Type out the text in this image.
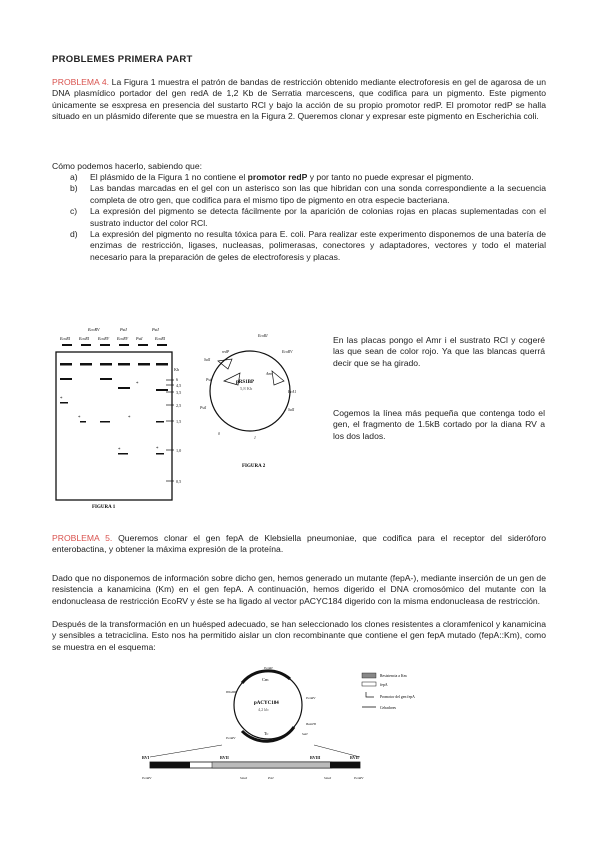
PROBLEMES PRIMERA PART

PROBLEMA 4. La Figura 1 muestra el patrón de bandas de restricción obtenido mediante electroforesis en gel de agarosa de un DNA plasmídico portador del gen redA de 1,2 Kb de Serratia marcescens, que codifica para un pigmento. Este pigmento únicamente se esxpresa en presencia del sustarto RCl y bajo la acción de su propio promotor redP. El promotor redP se halla situado en un plásmido diferente que se muestra en la Figura 2. Queremos clonar y expresar este pigmento en Escherichia coli.

Cómo podemos hacerlo, sabiendo que:

a) El plásmido de la Figura 1 no contiene el promotor redP y por tanto no puede expresar el pigmento.
b) Las bandas marcadas en el gel con un asterisco son las que hibridan con una sonda correspondiente a la secuencia completa de otro gen, que codifica para el mismo tipo de pigmento en otra especie bacteriana.
c) La expresión del pigmento se detecta fácilmente por la aparición de colonias rojas en placas suplementadas con el sustrato inductor del color RCl.
d) La expresión del pigmento no resulta tóxica para E. coli. Para realizar este experimento disponemos de una batería de enzimas de restricción, ligases, nucleasas, polimerasas, conectores y adaptadores, vectores y todo el material necesario para la preparación de geles de electroforesis y placas.
EcoRV	PstI	PstI
EcoRI EcoRI EcoRV EcoRV PstI	EcoRI
*
*	*
*	*
*
Kb
6
4,5
3,5
2,5
1,5
1,0
0,5
FIGURA 1
pRS1BP
5,8 Kb
EcoRI
EcoRV
SalI
redP
PstI
Amr
SalI
PstI
0
RcA1
1
FIGURA 2
En las placas pongo el Amr i el sustrato RCl y cogeré las que sean de color rojo. Ya que las blancas querrá decir que se ha girado.
Cogemos la línea más pequeña que contenga todo el gen, el fragmento de 1.5kB cortado por la diana RV a los dos lados.

PROBLEMA 5. Queremos clonar el gen fepA de Klebsiella pneumoniae, que codifica para el receptor del sideróforo enterobactina, y obtener la máxima expresión de la proteína.

Dado que no disponemos de información sobre dicho gen, hemos generado un mutante (fepA-), mediante inserción de un gen de resistencia a kanamicina (Km) en el gen fepA. A continuación, hemos digerido el DNA cromosómico del mutante con la endonucleasa de restricción EcoRV y éste se ha ligado al vector pACYC184 digerido con la misma endonucleasa de restricción.

Después de la transformación en un huésped adecuado, se han seleccionado los clones resistentes a cloramfenicol y kanamicina y sensibles a tetraciclina. Esto nos ha permitido aislar un clon recombinante que contiene el gen fepA mutado (fepA::Km), como se muestra en el esquema:

pACYC184
4,2 kb
Cm
Tc
EcoRI
HindIII
EcoRV
BamHI
SalI
EcoRV
Resistencia a Km
fepA
Promotor del gen fepA
Cebadores
RVI	RVII	RVIII	RVII
EcoRV	SmaI	PstI	SmaI	EcoRV
